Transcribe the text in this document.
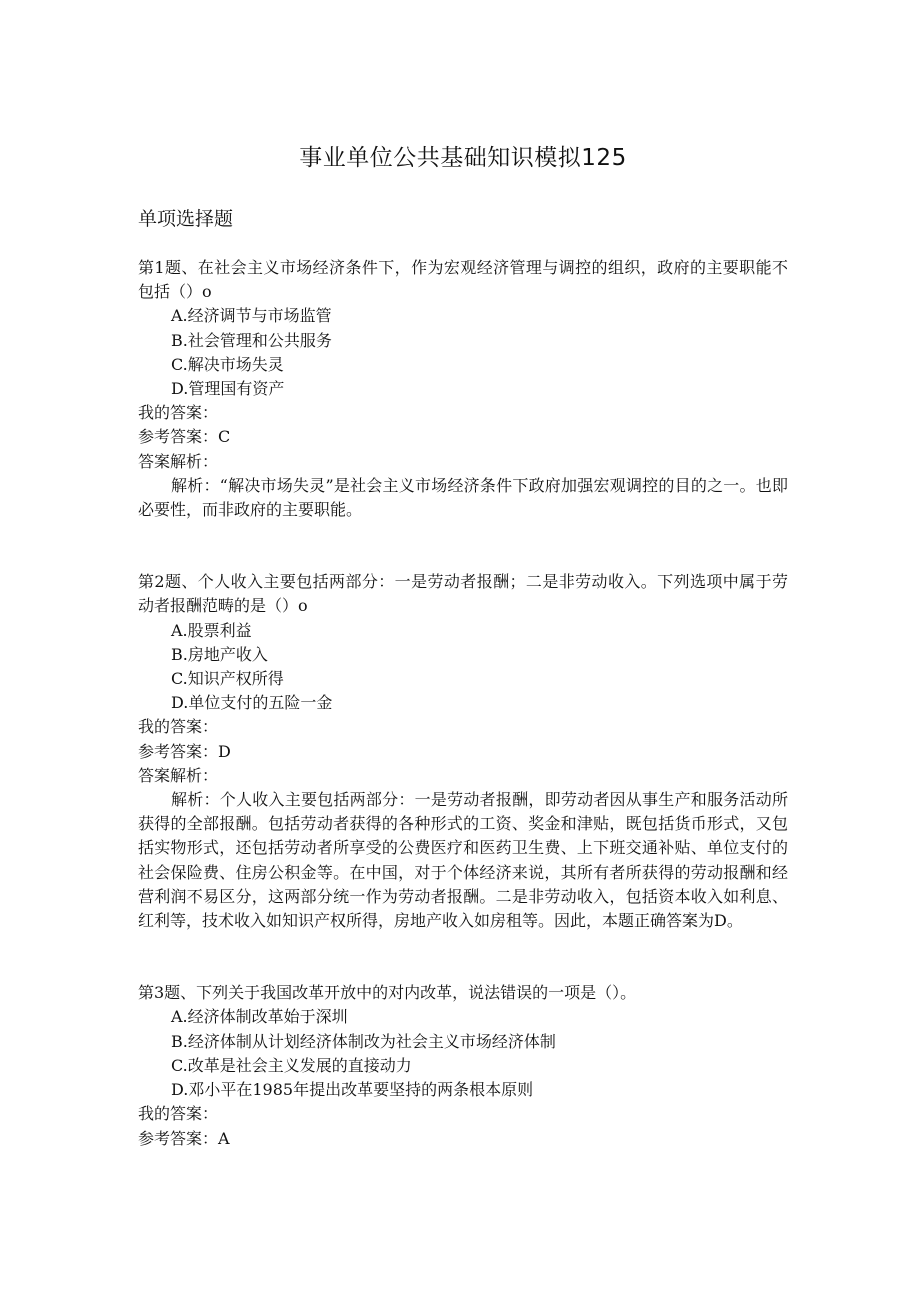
事业单位公共基础知识模拟125
单项选择题

第1题、在社会主义市场经济条件下，作为宏观经济管理与调控的组织，政府的主要职能不包括（）o

A.经济调节与市场监管

B.社会管理和公共服务

C.解决市场失灵

D.管理国有资产

我的答案：

参考答案：C

答案解析：

解析：“解决市场失灵”是社会主义市场经济条件下政府加强宏观调控的目的之一。也即必要性，而非政府的主要职能。

第2题、个人收入主要包括两部分：一是劳动者报酬；二是非劳动收入。下列选项中属于劳动者报酬范畴的是（）o

A.股票利益

B.房地产收入

C.知识产权所得

D.单位支付的五险一金

我的答案：

参考答案：D

答案解析：

解析：个人收入主要包括两部分：一是劳动者报酬，即劳动者因从事生产和服务活动所获得的全部报酬。包括劳动者获得的各种形式的工资、奖金和津贴，既包括货币形式，又包括实物形式，还包括劳动者所享受的公费医疗和医药卫生费、上下班交通补贴、单位支付的社会保险费、住房公积金等。在中国，对于个体经济来说，其所有者所获得的劳动报酬和经营利润不易区分，这两部分统一作为劳动者报酬。二是非劳动收入，包括资本收入如利息、红利等，技术收入如知识产权所得，房地产收入如房租等。因此，本题正确答案为D。

第3题、下列关于我国改革开放中的对内改革，说法错误的一项是（）。

A.经济体制改革始于深圳

B.经济体制从计划经济体制改为社会主义市场经济体制

C.改革是社会主义发展的直接动力

D.邓小平在1985年提出改革要坚持的两条根本原则

我的答案：

参考答案：A
